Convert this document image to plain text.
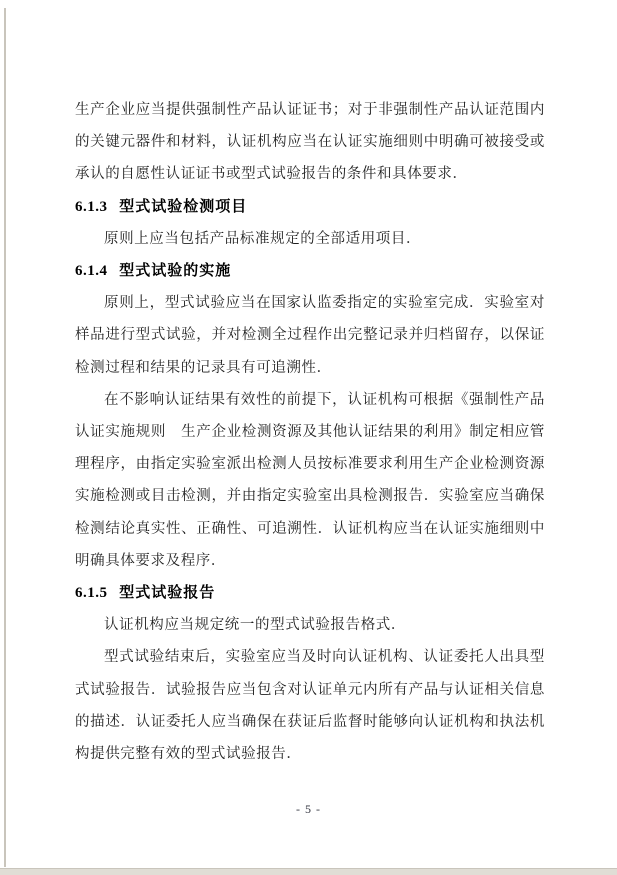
生产企业应当提供强制性产品认证证书；对于非强制性产品认证范围内的关键元器件和材料，认证机构应当在认证实施细则中明确可被接受或承认的自愿性认证证书或型式试验报告的条件和具体要求．

6.1.3 型式试验检测项目

原则上应当包括产品标准规定的全部适用项目．

6.1.4 型式试验的实施

原则上，型式试验应当在国家认监委指定的实验室完成．实验室对样品进行型式试验，并对检测全过程作出完整记录并归档留存，以保证检测过程和结果的记录具有可追溯性．

在不影响认证结果有效性的前提下，认证机构可根据《强制性产品认证实施规则　生产企业检测资源及其他认证结果的利用》制定相应管理程序，由指定实验室派出检测人员按标准要求利用生产企业检测资源实施检测或目击检测，并由指定实验室出具检测报告．实验室应当确保检测结论真实性、正确性、可追溯性．认证机构应当在认证实施细则中明确具体要求及程序．

6.1.5 型式试验报告

认证机构应当规定统一的型式试验报告格式．

型式试验结束后，实验室应当及时向认证机构、认证委托人出具型式试验报告．试验报告应当包含对认证单元内所有产品与认证相关信息的描述．认证委托人应当确保在获证后监督时能够向认证机构和执法机构提供完整有效的型式试验报告．

- 5 -
